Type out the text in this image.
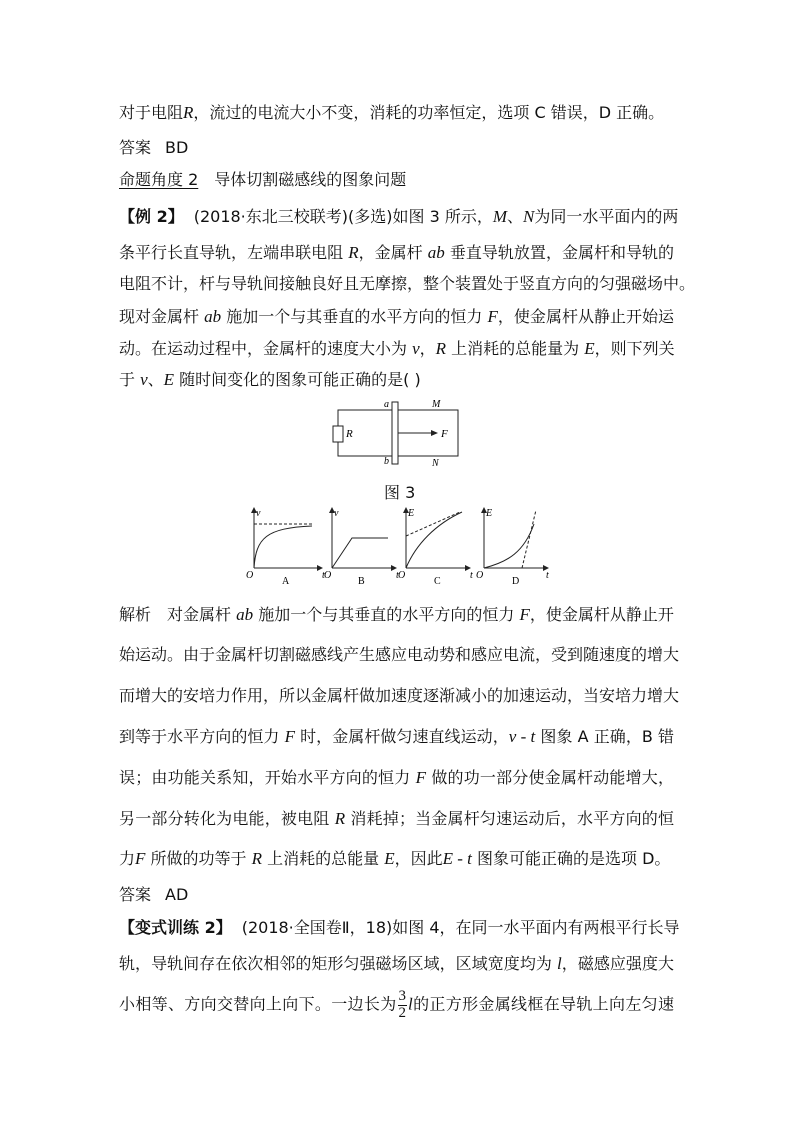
对于电阻R，流过的电流大小不变，消耗的功率恒定，选项 C 错误，D 正确。
答案 BD
命题角度 2 导体切割磁感线的图象问题
【例 2】 (2018·东北三校联考)(多选)如图 3 所示，M、N为同一水平面内的两
条平行长直导轨，左端串联电阻 R，金属杆 ab 垂直导轨放置，金属杆和导轨的
电阻不计，杆与导轨间接触良好且无摩擦，整个装置处于竖直方向的匀强磁场中。
现对金属杆 ab 施加一个与其垂直的水平方向的恒力 F，使金属杆从静止开始运
动。在运动过程中，金属杆的速度大小为 v，R 上消耗的总能量为 E，则下列关
于 v、E 随时间变化的图象可能正确的是( )
R
a
b
M
N
F
图 3
v
t
O
A
v
t
O
B
E
t
O
C
E
t
O
D
解析 对金属杆 ab 施加一个与其垂直的水平方向的恒力 F，使金属杆从静止开
始运动。由于金属杆切割磁感线产生感应电动势和感应电流，受到随速度的增大
而增大的安培力作用，所以金属杆做加速度逐渐减小的加速运动，当安培力增大
到等于水平方向的恒力 F 时，金属杆做匀速直线运动，v - t 图象 A 正确，B 错
误；由功能关系知，开始水平方向的恒力 F 做的功一部分使金属杆动能增大，
另一部分转化为电能，被电阻 R 消耗掉；当金属杆匀速运动后，水平方向的恒
力F 所做的功等于 R 上消耗的总能量 E，因此E - t 图象可能正确的是选项 D。
答案 AD
【变式训练 2】 (2018·全国卷Ⅱ，18)如图 4，在同一水平面内有两根平行长导
轨，导轨间存在依次相邻的矩形匀强磁场区域，区域宽度均为 l，磁感应强度大
小相等、方向交替向上向下。一边长为 $\frac{3}{2}$ l的正方形金属线框在导轨上向左匀速
